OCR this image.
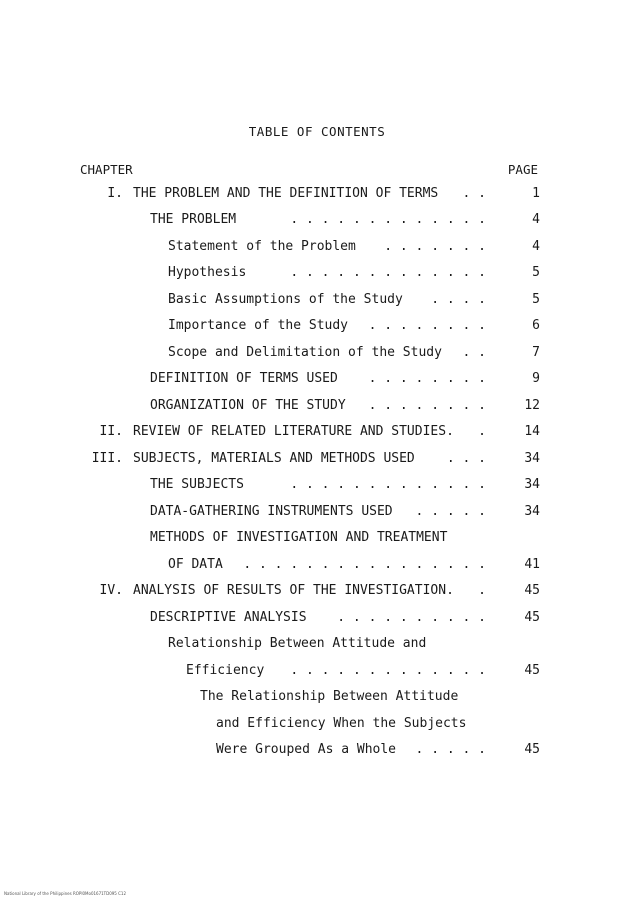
TABLE OF CONTENTS
CHAPTER	PAGE
I. THE PROBLEM AND THE DEFINITION OF TERMS . .	1
THE PROBLEM	. . . . . . . . . . . . .	4
Statement of the Problem . . . . . . .	4
Hypothesis	. . . . . . . . . . . . .	5
Basic Assumptions of the Study . . . .	5
Importance of the Study . . . . . . . .	6
Scope and Delimitation of the Study . .	7
DEFINITION OF TERMS USED . . . . . . . .	9
ORGANIZATION OF THE STUDY . . . . . . . .	12
II. REVIEW OF RELATED LITERATURE AND STUDIES. .	14
III. SUBJECTS, MATERIALS AND METHODS USED . . .	34
THE SUBJECTS	. . . . . . . . . . . . .	34
DATA-GATHERING INSTRUMENTS USED . . . . .	34
METHODS OF INVESTIGATION AND TREATMENT
OF DATA . . . . . . . . . . . . . . . .	41
IV. ANALYSIS OF RESULTS OF THE INVESTIGATION. .	45
DESCRIPTIVE ANALYSIS . . . . . . . . . .	45
Relationship Between Attitude and
Efficiency . . . . . . . . . . . . .	45
The Relationship Between Attitude
and Efficiency When the Subjects
Were Grouped As a Whole . . . . .	45
National Library of the Philippines ROPI0Mo01671TD095 C12
